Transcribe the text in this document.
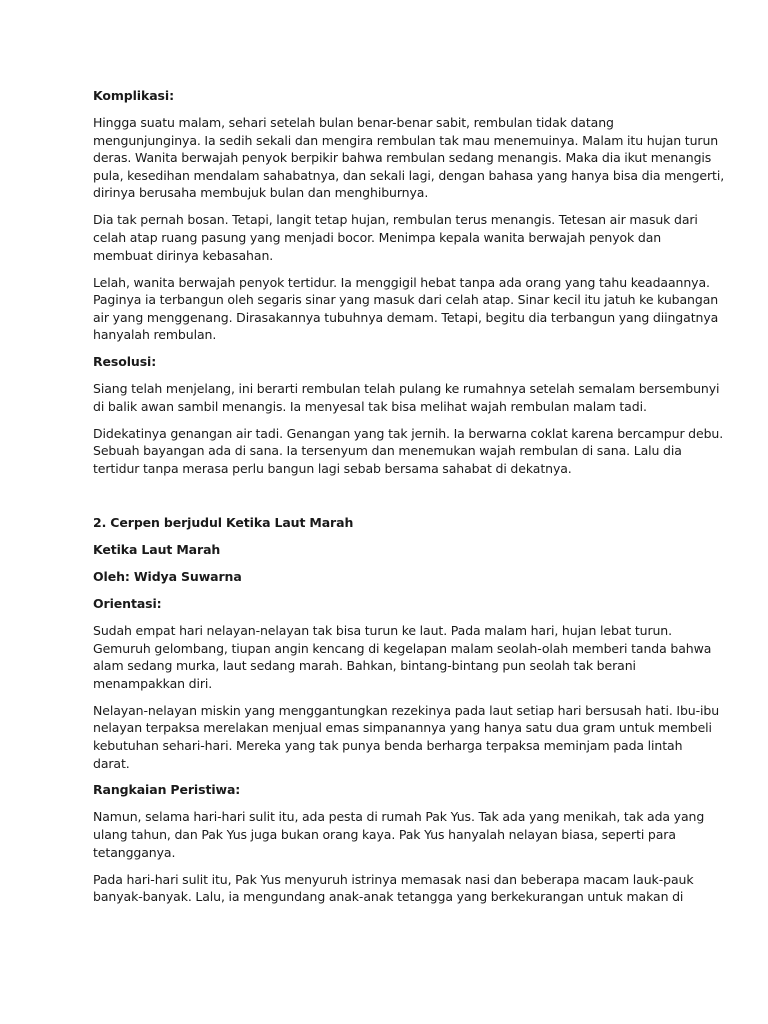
Komplikasi:

Hingga suatu malam, sehari setelah bulan benar-benar sabit, rembulan tidak datang
mengunjunginya. Ia sedih sekali dan mengira rembulan tak mau menemuinya. Malam itu hujan turun
deras. Wanita berwajah penyok berpikir bahwa rembulan sedang menangis. Maka dia ikut menangis
pula, kesedihan mendalam sahabatnya, dan sekali lagi, dengan bahasa yang hanya bisa dia mengerti,
dirinya berusaha membujuk bulan dan menghiburnya.

Dia tak pernah bosan. Tetapi, langit tetap hujan, rembulan terus menangis. Tetesan air masuk dari
celah atap ruang pasung yang menjadi bocor. Menimpa kepala wanita berwajah penyok dan
membuat dirinya kebasahan.

Lelah, wanita berwajah penyok tertidur. Ia menggigil hebat tanpa ada orang yang tahu keadaannya.
Paginya ia terbangun oleh segaris sinar yang masuk dari celah atap. Sinar kecil itu jatuh ke kubangan
air yang menggenang. Dirasakannya tubuhnya demam. Tetapi, begitu dia terbangun yang diingatnya
hanyalah rembulan.

Resolusi:

Siang telah menjelang, ini berarti rembulan telah pulang ke rumahnya setelah semalam bersembunyi
di balik awan sambil menangis. Ia menyesal tak bisa melihat wajah rembulan malam tadi.

Didekatinya genangan air tadi. Genangan yang tak jernih. Ia berwarna coklat karena bercampur debu.
Sebuah bayangan ada di sana. Ia tersenyum dan menemukan wajah rembulan di sana. Lalu dia
tertidur tanpa merasa perlu bangun lagi sebab bersama sahabat di dekatnya.

2. Cerpen berjudul Ketika Laut Marah

Ketika Laut Marah

Oleh: Widya Suwarna

Orientasi:

Sudah empat hari nelayan-nelayan tak bisa turun ke laut. Pada malam hari, hujan lebat turun.
Gemuruh gelombang, tiupan angin kencang di kegelapan malam seolah-olah memberi tanda bahwa
alam sedang murka, laut sedang marah. Bahkan, bintang-bintang pun seolah tak berani
menampakkan diri.

Nelayan-nelayan miskin yang menggantungkan rezekinya pada laut setiap hari bersusah hati. Ibu-ibu
nelayan terpaksa merelakan menjual emas simpanannya yang hanya satu dua gram untuk membeli
kebutuhan sehari-hari. Mereka yang tak punya benda berharga terpaksa meminjam pada lintah
darat.

Rangkaian Peristiwa:

Namun, selama hari-hari sulit itu, ada pesta di rumah Pak Yus. Tak ada yang menikah, tak ada yang
ulang tahun, dan Pak Yus juga bukan orang kaya. Pak Yus hanyalah nelayan biasa, seperti para
tetangganya.

Pada hari-hari sulit itu, Pak Yus menyuruh istrinya memasak nasi dan beberapa macam lauk-pauk
banyak-banyak. Lalu, ia mengundang anak-anak tetangga yang berkekurangan untuk makan di
